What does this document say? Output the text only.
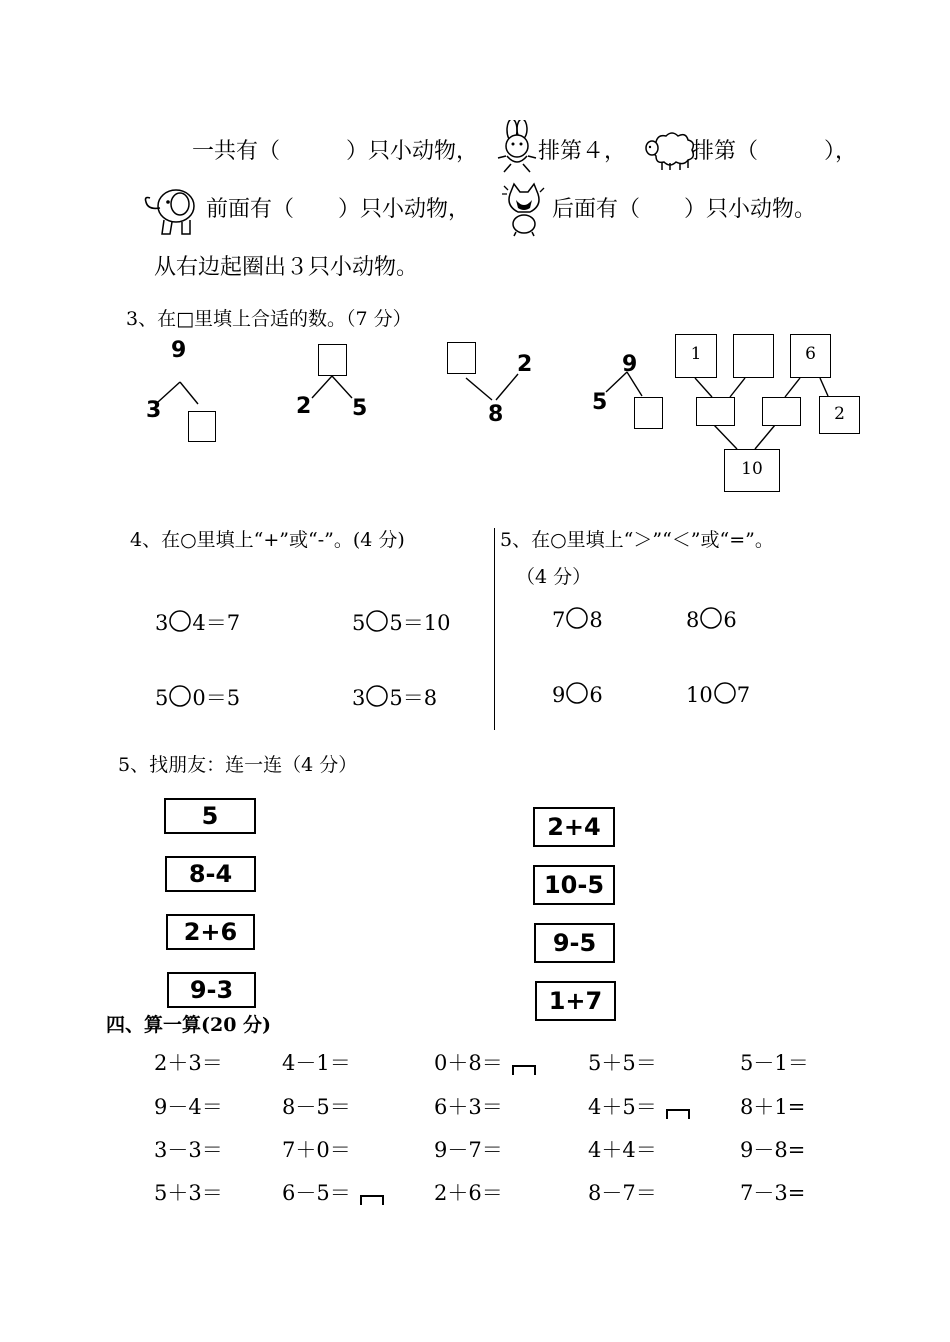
一共有（　　　）只小动物，	排第４，	排第（　　　），
前面有（　　）只小动物，	后面有（　　）只小动物。
从右边起圈出３只小动物。
3、在□里填上合适的数。（7 分）
9
3	2 5
2
8
9
5
1	6
2
10
4、在○里填上“+”或“-”。(4 分)
3 4＝7	5 5＝10
5 0＝5	3 5＝8
5、在○里填上“＞”“＜”或“=”。
（4 分）
7 8	8 6
9 6	10 7
5、找朋友：连一连（4 分）
5
8-4
2+6
9-3
2+4
10-5
9-5
1+7
四、算一算(20 分)
2＋3＝	4－1＝	0＋8＝	5＋5＝	5－1＝
9－4＝	8－5＝	6＋3＝	4＋5＝	8＋1=
3－3＝	7＋0＝	9－7＝	4＋4＝	9－8=
5＋3＝	6－5＝	2＋6＝	8－7＝	7－3=
